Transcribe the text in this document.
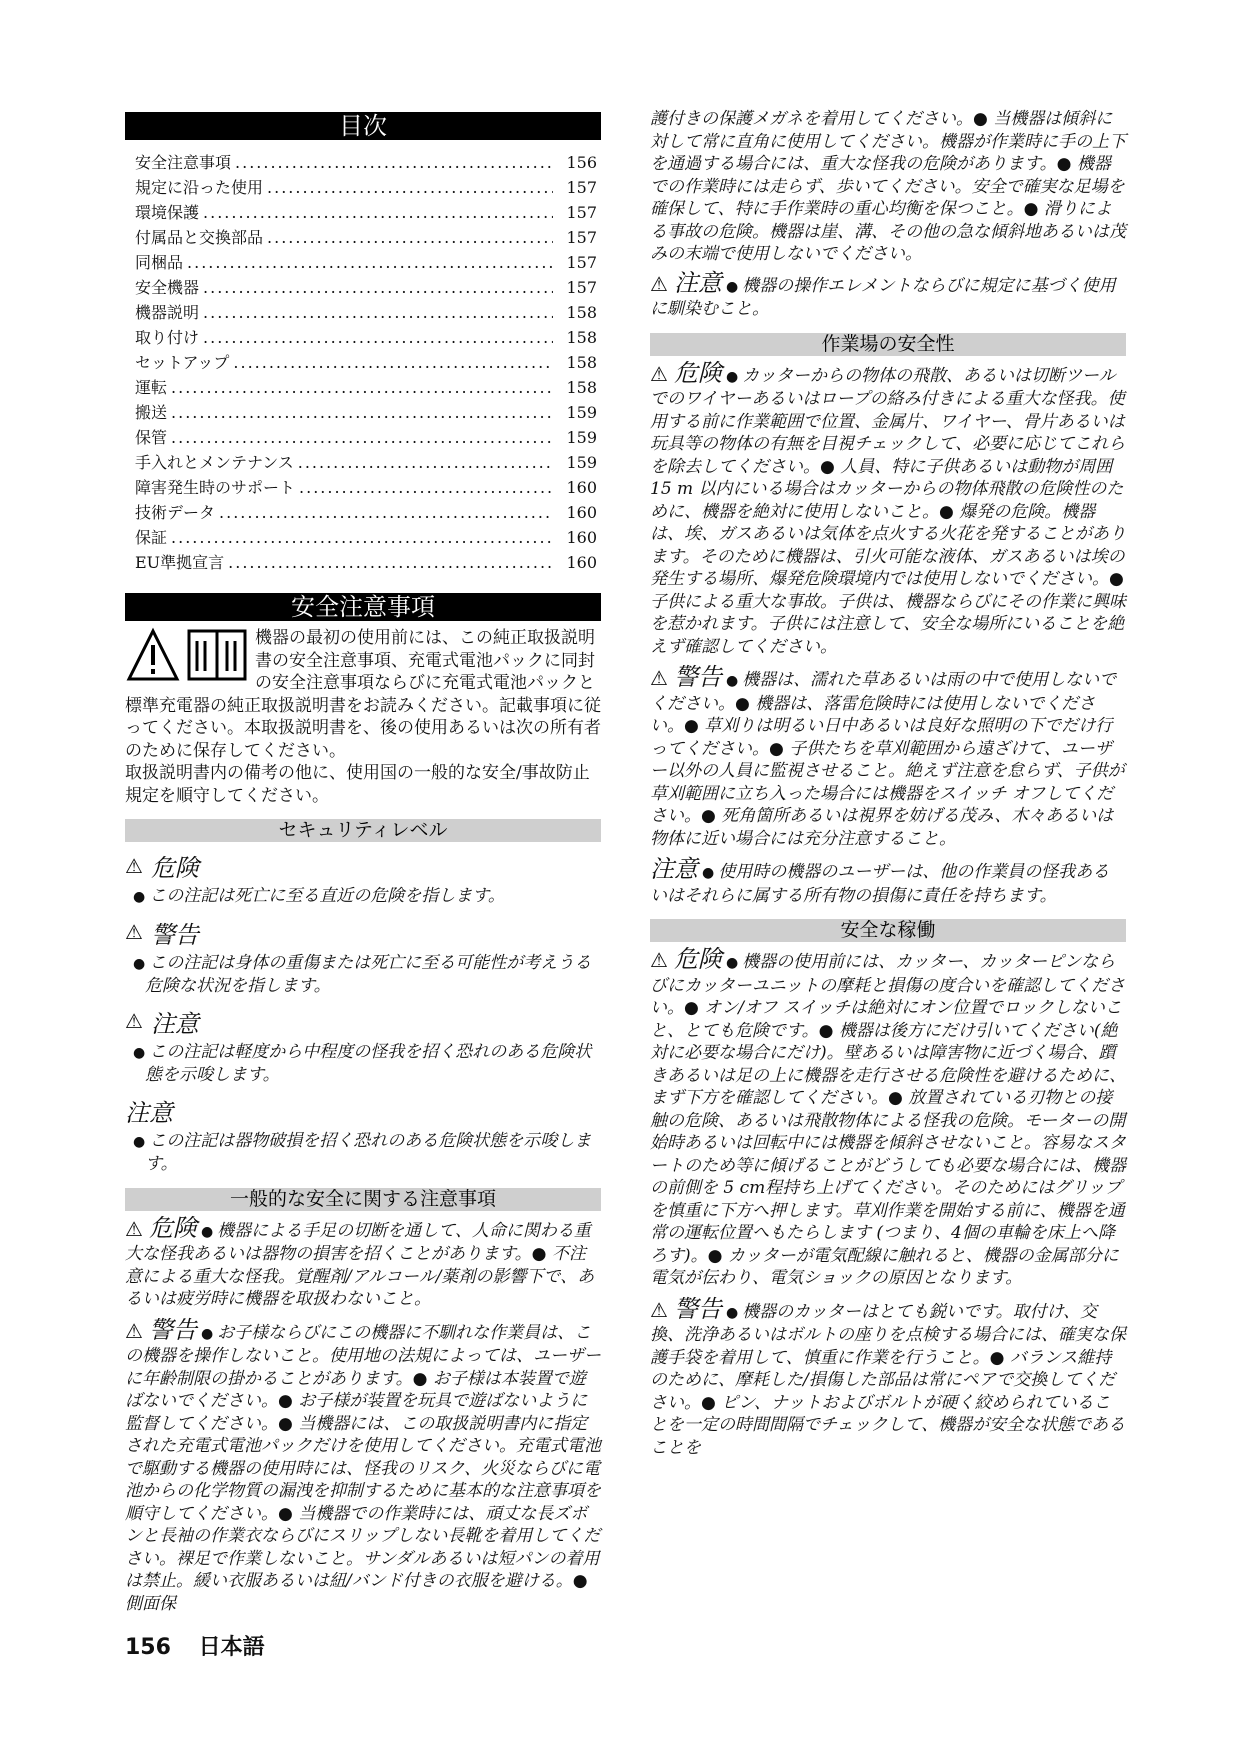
目次
安全注意事項 .....	156
規定に沿った使用 .....	157
環境保護 .....	157
付属品と交換部品 .....	157
同梱品 .....	157
安全機器 .....	157
機器説明 .....	158
取り付け .....	158
セットアップ .....	158
運転 .....	158
搬送 .....	159
保管 .....	159
手入れとメンテナンス .....	159
障害発生時のサポート .....	160
技術データ .....	160
保証 .....	160
EU準拠宣言 .....	160
安全注意事項
機器の最初の使用前には、この純正取扱説明書の安全注意事項、充電式電池パックに同封の安全注意事項ならびに充電式電池パックと標準充電器の純正取扱説明書をお読みください。記載事項に従ってください。本取扱説明書を、後の使用あるいは次の所有者のために保存してください。
取扱説明書内の備考の他に、使用国の一般的な安全/事故防止規定を順守してください。
セキュリティレベル
⚠ 危険

● この注記は死亡に至る直近の危険を指します。

⚠ 警告

● この注記は身体の重傷または死亡に至る可能性が考えうる危険な状況を指します。

⚠ 注意

● この注記は軽度から中程度の怪我を招く恐れのある危険状態を示唆します。

注意

● この注記は器物破損を招く恐れのある危険状態を示唆します。

一般的な安全に関する注意事項

⚠ 危険 ● 機器による手足の切断を通して、人命に関わる重大な怪我あるいは器物の損害を招くことがあります。● 不注意による重大な怪我。覚醒剤/アルコール/薬剤の影響下で、あるいは疲労時に機器を取扱わないこと。

⚠ 警告 ● お子様ならびにこの機器に不馴れな作業員は、この機器を操作しないこと。使用地の法規によっては、ユーザーに年齢制限の掛かることがあります。● お子様は本装置で遊ばないでください。● お子様が装置を玩具で遊ばないように監督してください。● 当機器には、この取扱説明書内に指定された充電式電池パックだけを使用してください。充電式電池で駆動する機器の使用時には、怪我のリスク、火災ならびに電池からの化学物質の漏洩を抑制するために基本的な注意事項を順守してください。● 当機器での作業時には、頑丈な長ズボンと長袖の作業衣ならびにスリップしない長靴を着用してください。裸足で作業しないこと。サンダルあるいは短パンの着用は禁止。緩い衣服あるいは紐/バンド付きの衣服を避ける。● 側面保

護付きの保護メガネを着用してください。● 当機器は傾斜に対して常に直角に使用してください。機器が作業時に手の上下を通過する場合には、重大な怪我の危険があります。● 機器での作業時には走らず、歩いてください。安全で確実な足場を確保して、特に手作業時の重心均衡を保つこと。● 滑りによる事故の危険。機器は崖、溝、その他の急な傾斜地あるいは茂みの末端で使用しないでください。

⚠ 注意 ● 機器の操作エレメントならびに規定に基づく使用に馴染むこと。

作業場の安全性

⚠ 危険 ● カッターからの物体の飛散、あるいは切断ツールでのワイヤーあるいはロープの絡み付きによる重大な怪我。使用する前に作業範囲で位置、金属片、ワイヤー、骨片あるいは玩具等の物体の有無を目視チェックして、必要に応じてこれらを除去してください。● 人員、特に子供あるいは動物が周囲 15 m 以内にいる場合はカッターからの物体飛散の危険性のために、機器を絶対に使用しないこと。● 爆発の危険。機器は、埃、ガスあるいは気体を点火する火花を発することがあります。そのために機器は、引火可能な液体、ガスあるいは埃の発生する場所、爆発危険環境内では使用しないでください。● 子供による重大な事故。子供は、機器ならびにその作業に興味を惹かれます。子供には注意して、安全な場所にいることを絶えず確認してください。

⚠ 警告 ● 機器は、濡れた草あるいは雨の中で使用しないでください。● 機器は、落雷危険時には使用しないでください。● 草刈りは明るい日中あるいは良好な照明の下でだけ行ってください。● 子供たちを草刈範囲から遠ざけて、ユーザー以外の人員に監視させること。絶えず注意を怠らず、子供が草刈範囲に立ち入った場合には機器をスイッチ オフしてください。● 死角箇所あるいは視界を妨げる茂み、木々あるいは物体に近い場合には充分注意すること。

注意 ● 使用時の機器のユーザーは、他の作業員の怪我あるいはそれらに属する所有物の損傷に責任を持ちます。

安全な稼働

⚠ 危険 ● 機器の使用前には、カッター、カッターピンならびにカッターユニットの摩耗と損傷の度合いを確認してください。● オン/オフ スイッチは絶対にオン位置でロックしないこと、とても危険です。● 機器は後方にだけ引いてください(絶対に必要な場合にだけ)。壁あるいは障害物に近づく場合、躓きあるいは足の上に機器を走行させる危険性を避けるために、まず下方を確認してください。● 放置されている刃物との接触の危険、あるいは飛散物体による怪我の危険。モーターの開始時あるいは回転中には機器を傾斜させないこと。容易なスタートのため等に傾げることがどうしても必要な場合には、機器の前側を 5 cm程持ち上げてください。そのためにはグリップを慎重に下方へ押します。草刈作業を開始する前に、機器を通常の運転位置へもたらします (つまり、4個の車輪を床上へ降ろす)。● カッターが電気配線に触れると、機器の金属部分に電気が伝わり、電気ショックの原因となります。

⚠ 警告 ● 機器のカッターはとても鋭いです。取付け、交換、洗浄あるいはボルトの座りを点検する場合には、確実な保護手袋を着用して、慎重に作業を行うこと。● バランス維持のために、摩耗した/損傷した部品は常にペアで交換してください。● ピン、ナットおよびボルトが硬く絞められていることを一定の時間間隔でチェックして、機器が安全な状態であることを

156 日本語
